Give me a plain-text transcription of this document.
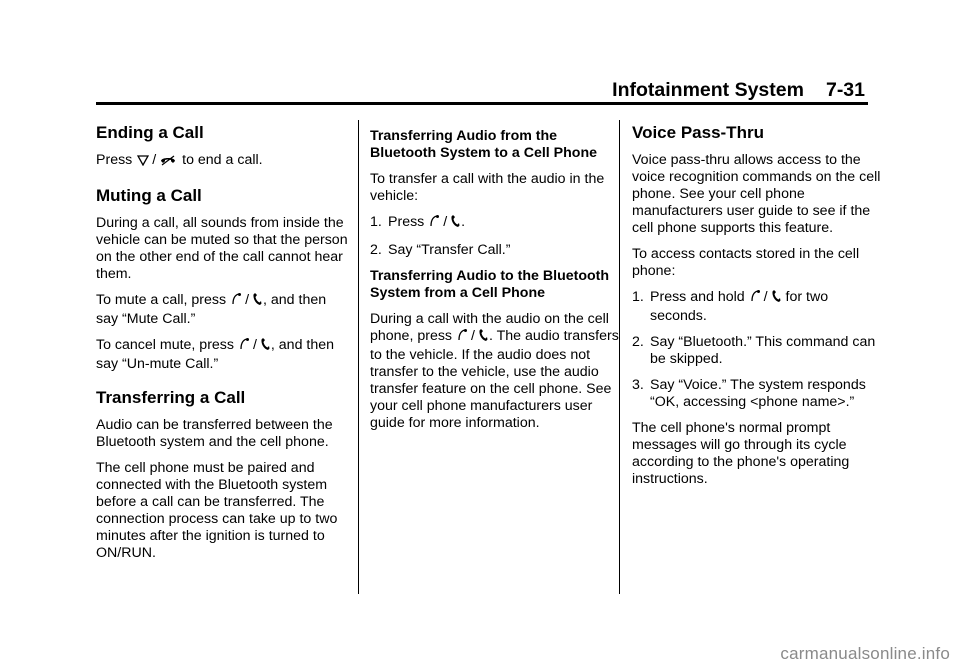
Infotainment System 7-31
Ending a Call

Press / to end a call.

Muting a Call

During a call, all sounds from inside the vehicle can be muted so that the person on the other end of the call cannot hear them.

To mute a call, press / , and then say “Mute Call.”

To cancel mute, press / , and then say “Un-mute Call.”

Transferring a Call

Audio can be transferred between the Bluetooth system and the cell phone.

The cell phone must be paired and connected with the Bluetooth system before a call can be transferred. The connection process can take up to two minutes after the ignition is turned to ON/RUN.

Transferring Audio from the Bluetooth System to a Cell Phone

To transfer a call with the audio in the vehicle:

1. Press / .
2. Say “Transfer Call.”
Transferring Audio to the Bluetooth System from a Cell Phone

During a call with the audio on the cell phone, press / . The audio transfers to the vehicle. If the audio does not transfer to the vehicle, use the audio transfer feature on the cell phone. See your cell phone manufacturers user guide for more information.

Voice Pass-Thru

Voice pass-thru allows access to the voice recognition commands on the cell phone. See your cell phone manufacturers user guide to see if the cell phone supports this feature.

To access contacts stored in the cell phone:

1. Press and hold / for two seconds.
2. Say “Bluetooth.” This command can be skipped.
3. Say “Voice.” The system responds “OK, accessing <phone name>.”

The cell phone's normal prompt messages will go through its cycle according to the phone's operating instructions.

carmanualsonline.info
